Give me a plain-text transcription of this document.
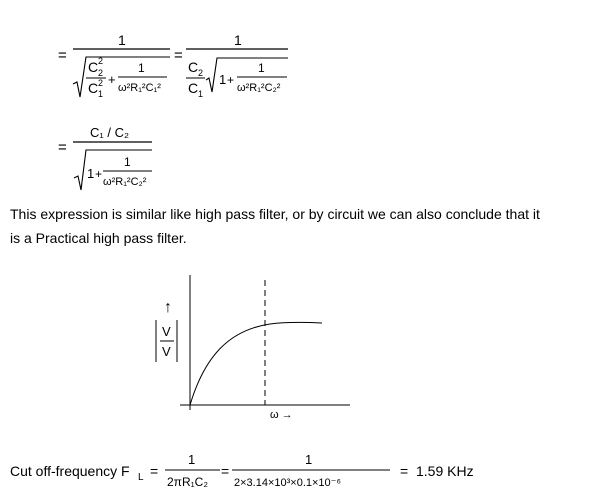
=
1
C 2
2
C 2
1
+
1
ω²R₁²C₁²
=
1
C 2
C 1
1 +
1
ω²R₁²C₂²
=
C₁ / C₂
1 +
1
ω²R₁²C₂²
This expression is similar like high pass filter, or by circuit we can also conclude that it
is a Practical high pass filter.
↑
V
V
ω →
Cut off-frequency F L =
1
2πR₁C₂
=
1
2×3.14×10³×0.1×10⁻⁶
= 1.59 KHz
